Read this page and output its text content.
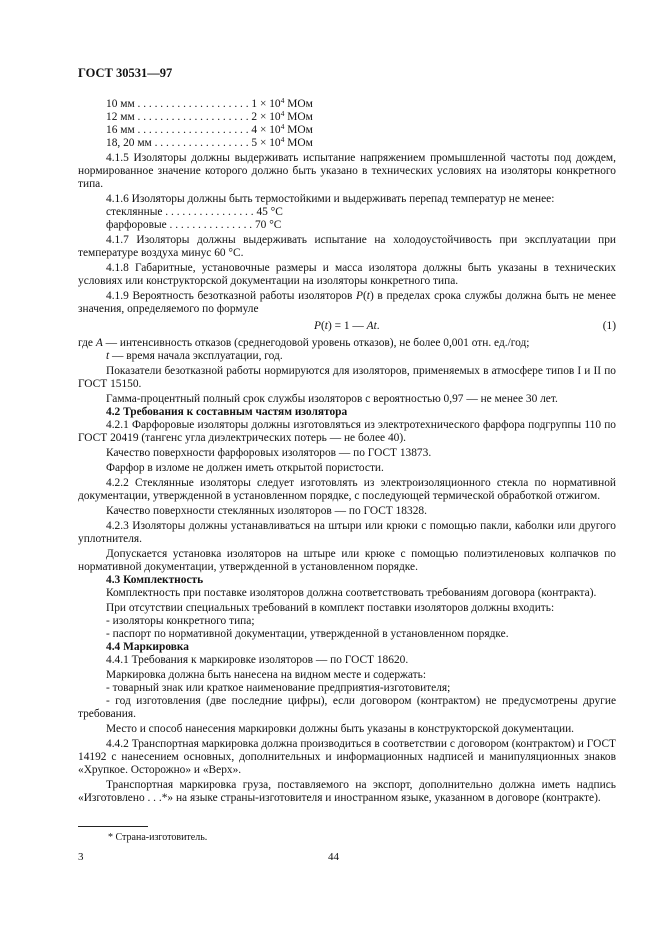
ГОСТ 30531—97
10 мм . . . . . . . . . . . . . . . . . . . . $1 \times 10^4$ МОм
12 мм . . . . . . . . . . . . . . . . . . . . $2 \times 10^4$ МОм
16 мм . . . . . . . . . . . . . . . . . . . . $4 \times 10^4$ МОм
18, 20 мм . . . . . . . . . . . . . . . . . $5 \times 10^4$ МОм

4.1.5 Изоляторы должны выдерживать испытание напряжением промышленной частоты под дождем, нормированное значение которого должно быть указано в технических условиях на изоляторы конкретного типа.

4.1.6 Изоляторы должны быть термостойкими и выдерживать перепад температур не менее:

стеклянные . . . . . . . . . . . . . . . . 45 °С
фарфоровые . . . . . . . . . . . . . . . 70 °С

4.1.7 Изоляторы должны выдерживать испытание на холодоустойчивость при эксплуатации при температуре воздуха минус 60 °С.

4.1.8 Габаритные, установочные размеры и масса изолятора должны быть указаны в технических условиях или конструкторской документации на изоляторы конкретного типа.

4.1.9 Вероятность безотказной работы изоляторов P(t) в пределах срока службы должна быть не менее значения, определяемого по формуле

P(t) = 1 — At.	(1)

где A — интенсивность отказов (среднегодовой уровень отказов), не более 0,001 отн. ед./год;

t — время начала эксплуатации, год.

Показатели безотказной работы нормируются для изоляторов, применяемых в атмосфере типов I и II по ГОСТ 15150.

Гамма-процентный полный срок службы изоляторов с вероятностью 0,97 — не менее 30 лет.

4.2 Требования к составным частям изолятора

4.2.1 Фарфоровые изоляторы должны изготовляться из электротехнического фарфора подгруппы 110 по ГОСТ 20419 (тангенс угла диэлектрических потерь — не более 40).

Качество поверхности фарфоровых изоляторов — по ГОСТ 13873.

Фарфор в изломе не должен иметь открытой пористости.

4.2.2 Стеклянные изоляторы следует изготовлять из электроизоляционного стекла по нормативной документации, утвержденной в установленном порядке, с последующей термической обработкой отжигом.

Качество поверхности стеклянных изоляторов — по ГОСТ 18328.

4.2.3 Изоляторы должны устанавливаться на штыри или крюки с помощью пакли, каболки или другого уплотнителя.

Допускается установка изоляторов на штыре или крюке с помощью полиэтиленовых колпачков по нормативной документации, утвержденной в установленном порядке.

4.3 Комплектность

Комплектность при поставке изоляторов должна соответствовать требованиям договора (контракта).

При отсутствии специальных требований в комплект поставки изоляторов должны входить:

- изоляторы конкретного типа;

- паспорт по нормативной документации, утвержденной в установленном порядке.

4.4 Маркировка

4.4.1 Требования к маркировке изоляторов — по ГОСТ 18620.

Маркировка должна быть нанесена на видном месте и содержать:

- товарный знак или краткое наименование предприятия-изготовителя;

- год изготовления (две последние цифры), если договором (контрактом) не предусмотрены другие требования.

Место и способ нанесения маркировки должны быть указаны в конструкторской документации.

4.4.2 Транспортная маркировка должна производиться в соответствии с договором (контрактом) и ГОСТ 14192 с нанесением основных, дополнительных и информационных надписей и манипуляционных знаков «Хрупкое. Осторожно» и «Верх».

Транспортная маркировка груза, поставляемого на экспорт, дополнительно должна иметь надпись «Изготовлено . . .*» на языке страны-изготовителя и иностранном языке, указанном в договоре (контракте).

* Страна-изготовитель.
3	44
